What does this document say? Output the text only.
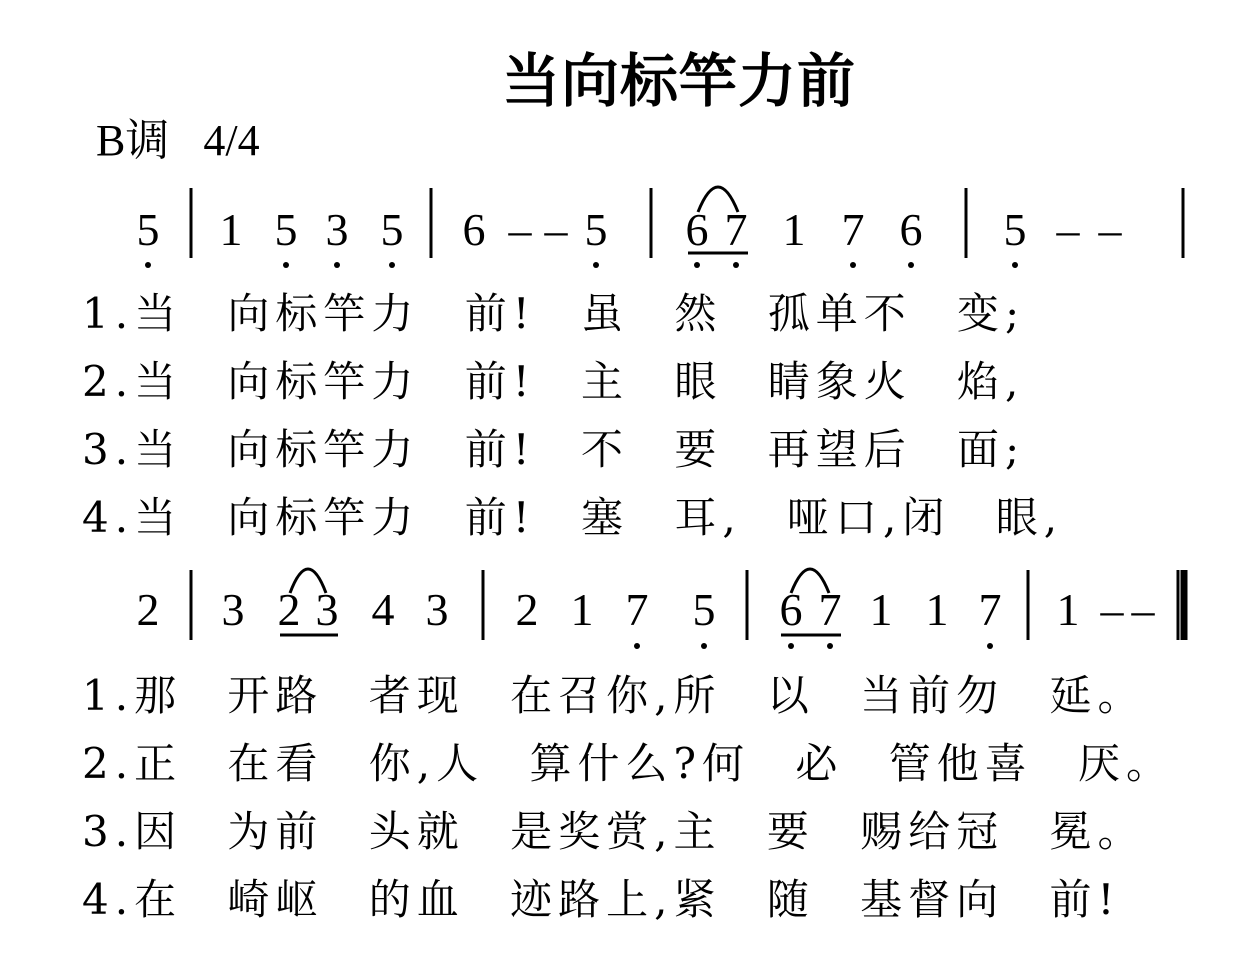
当向标竿力前
B调 4/4
5 1 5 3 5 6 – – 5 6 7 1 7 6 5 – –
2 3 2 3 4 3 2 1 7 5 6 7 1 1 7 1 – –
1.当 向标竿力 前! 虽 然 孤单不 变;
2.当 向标竿力 前! 主 眼 睛象火 焰,
3.当 向标竿力 前! 不 要 再望后 面;
4.当 向标竿力 前! 塞 耳, 哑口,闭 眼,
1.那 开路 者现 在召你,所 以 当前勿 延。
2.正 在看 你,人 算什么?何 必 管他喜 厌。
3.因 为前 头就 是奖赏,主 要 赐给冠 冕。
4.在 崎岖 的血 迹路上,紧 随 基督向 前!
